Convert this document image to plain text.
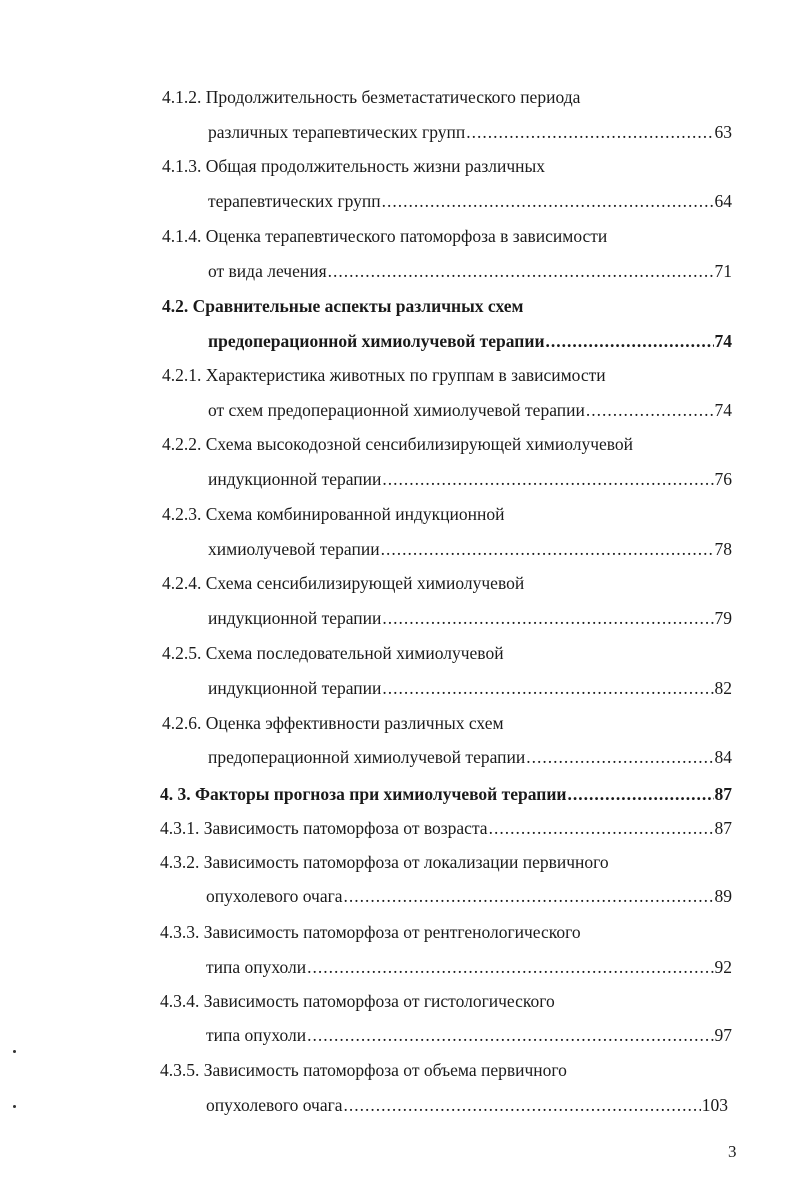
4.1.2. Продолжительность безметастатического периода
различных терапевтических групп .....	63
4.1.3. Общая продолжительность жизни различных
терапевтических групп .....	64
4.1.4. Оценка терапевтического патоморфоза в зависимости
от вида лечения .....	71
4.2. Сравнительные аспекты различных схем
предоперационной химиолучевой терапии .....	74
4.2.1. Характеристика животных по группам в зависимости
от схем предоперационной химиолучевой терапии .....	74
4.2.2. Схема высокодозной сенсибилизирующей химиолучевой
индукционной терапии .....	76
4.2.3. Схема комбинированной индукционной
химиолучевой терапии .....	78
4.2.4. Схема сенсибилизирующей химиолучевой
индукционной терапии .....	79
4.2.5. Схема последовательной химиолучевой
индукционной терапии .....	82
4.2.6. Оценка эффективности различных схем
предоперационной химиолучевой терапии .....	84
4. 3. Факторы прогноза при химиолучевой терапии .....	87
4.3.1. Зависимость патоморфоза от возраста .....	87
4.3.2. Зависимость патоморфоза от локализации первичного
опухолевого очага .....	89
4.3.3. Зависимость патоморфоза от рентгенологического
типа опухоли .....	92
4.3.4. Зависимость патоморфоза от гистологического
типа опухоли .....	97
4.3.5. Зависимость патоморфоза от объема первичного
опухолевого очага .....	103
3
